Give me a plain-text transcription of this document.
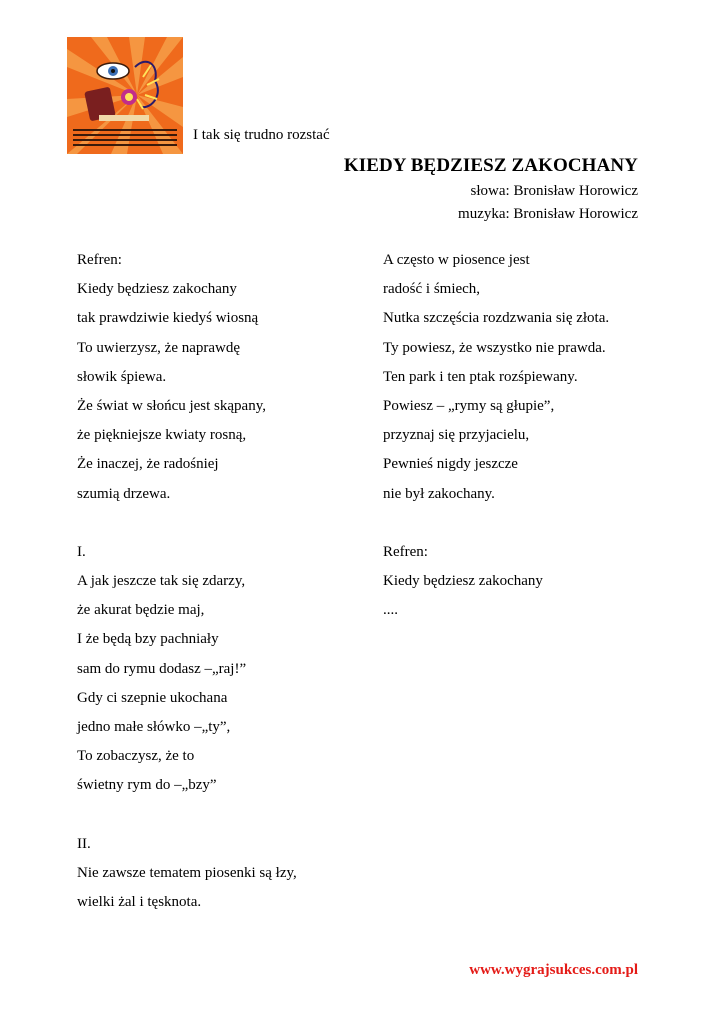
I tak się trudno rozstać
KIEDY BĘDZIESZ ZAKOCHANY
słowa: Bronisław Horowicz
muzyka: Bronisław Horowicz
Refren:
Kiedy będziesz zakochany
tak prawdziwie kiedyś wiosną
To uwierzysz, że naprawdę
słowik śpiewa.
Że świat w słońcu jest skąpany,
że piękniejsze kwiaty rosną,
Że inaczej, że radośniej
szumią drzewa.
I.
A jak jeszcze tak się zdarzy,
że akurat będzie maj,
I że będą bzy pachniały
sam do rymu dodasz –„raj!”
Gdy ci szepnie ukochana
jedno małe słówko –„ty”,
To zobaczysz, że to
świetny rym do –„bzy”
II.
Nie zawsze tematem piosenki są łzy,
wielki żal i tęsknota.
A często w piosence jest
radość i śmiech,
Nutka szczęścia rozdzwania się złota.
Ty powiesz, że wszystko nie prawda.
Ten park i ten ptak rozśpiewany.
Powiesz – „rymy są głupie”,
przyznaj się przyjacielu,
Pewnieś nigdy jeszcze
nie był zakochany.
Refren:
Kiedy będziesz zakochany
....
www.wygrajsukces.com.pl
